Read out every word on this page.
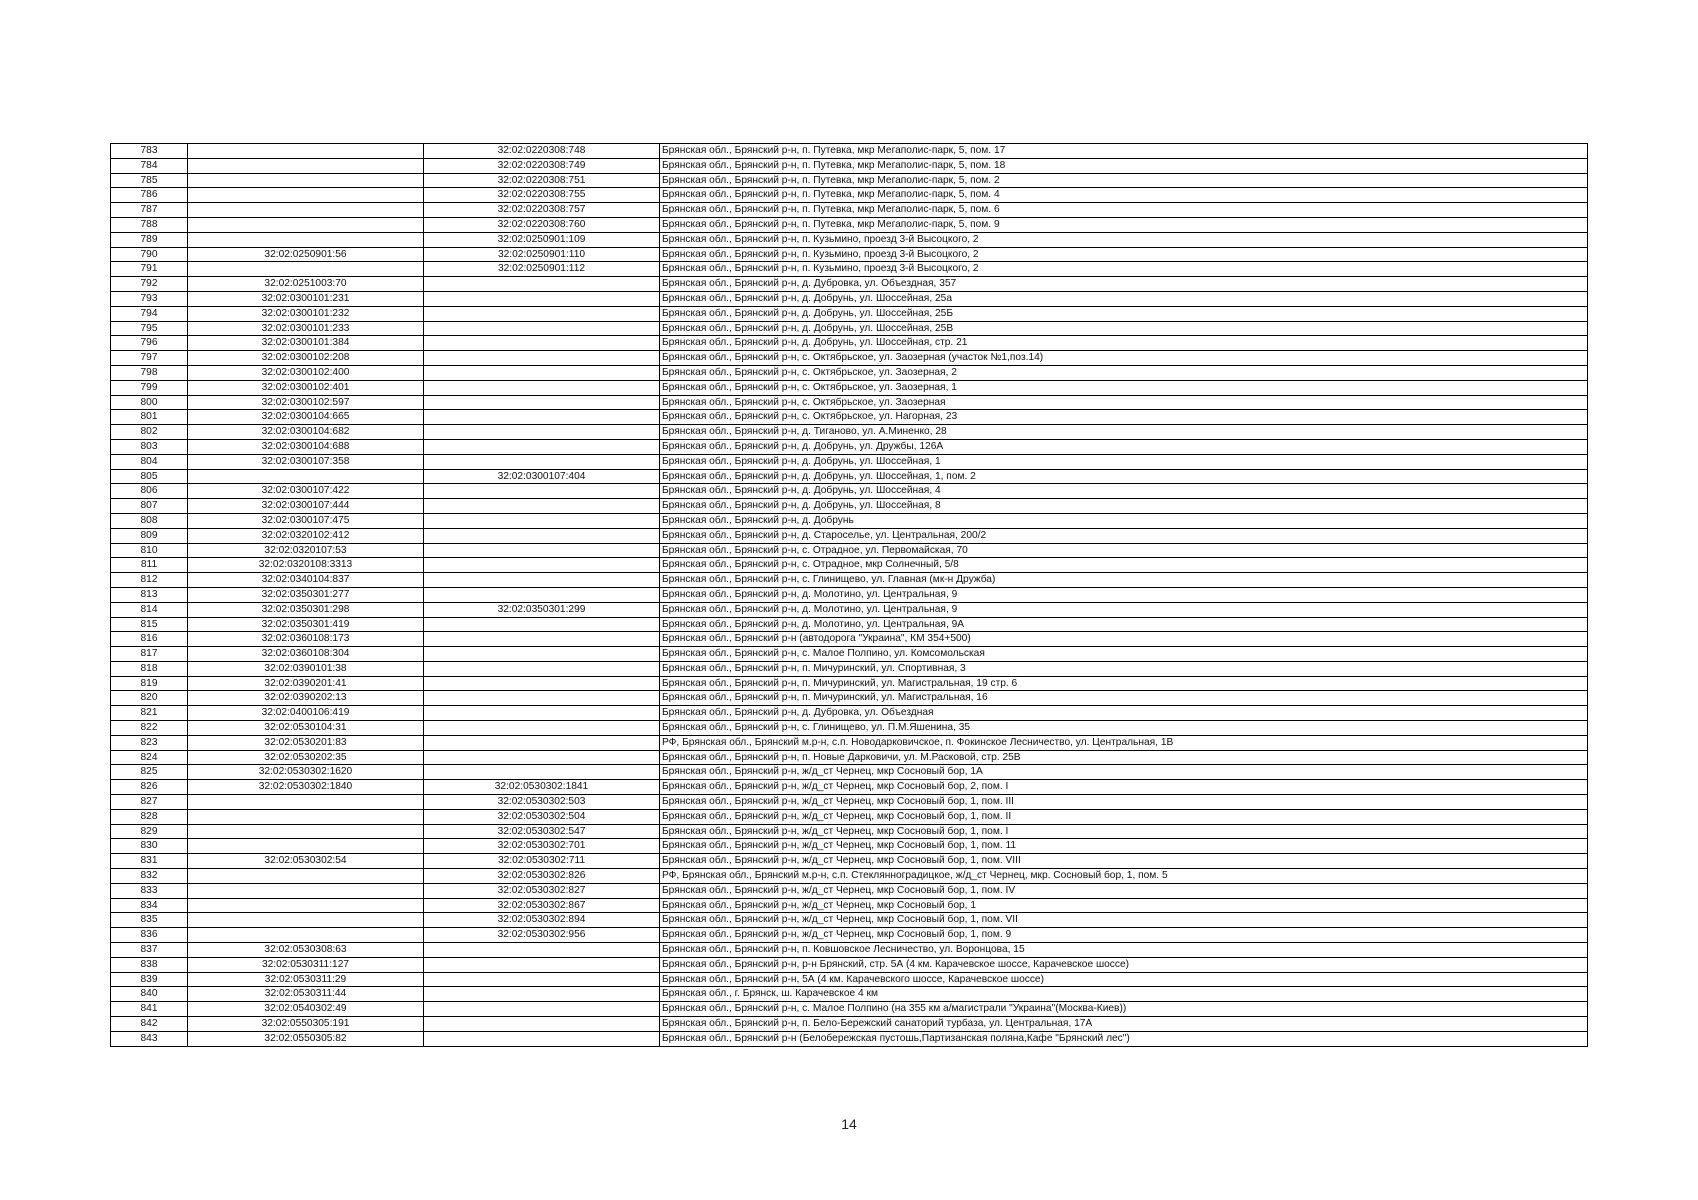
783		32:02:0220308:748	Брянская обл., Брянский р-н, п. Путевка, мкр Мегаполис-парк, 5, пом. 17
784		32:02:0220308:749	Брянская обл., Брянский р-н, п. Путевка, мкр Мегаполис-парк, 5, пом. 18
785		32:02:0220308:751	Брянская обл., Брянский р-н, п. Путевка, мкр Мегаполис-парк, 5, пом. 2
786		32:02:0220308:755	Брянская обл., Брянский р-н, п. Путевка, мкр Мегаполис-парк, 5, пом. 4
787		32:02:0220308:757	Брянская обл., Брянский р-н, п. Путевка, мкр Мегаполис-парк, 5, пом. 6
788		32:02:0220308:760	Брянская обл., Брянский р-н, п. Путевка, мкр Мегаполис-парк, 5, пом. 9
789		32:02:0250901:109	Брянская обл., Брянский р-н, п. Кузьмино, проезд 3-й Высоцкого, 2
790	32:02:0250901:56	32:02:0250901:110	Брянская обл., Брянский р-н, п. Кузьмино, проезд 3-й Высоцкого, 2
791		32:02:0250901:112	Брянская обл., Брянский р-н, п. Кузьмино, проезд 3-й Высоцкого, 2
792	32:02:0251003:70		Брянская обл., Брянский р-н, д. Дубровка, ул. Объездная, 357
793	32:02:0300101:231		Брянская обл., Брянский р-н, д. Добрунь, ул. Шоссейная, 25а
794	32:02:0300101:232		Брянская обл., Брянский р-н, д. Добрунь, ул. Шоссейная, 25Б
795	32:02:0300101:233		Брянская обл., Брянский р-н, д. Добрунь, ул. Шоссейная, 25В
796	32:02:0300101:384		Брянская обл., Брянский р-н, д. Добрунь, ул. Шоссейная, стр. 21
797	32:02:0300102:208		Брянская обл., Брянский р-н, с. Октябрьское, ул. Заозерная (участок №1,поз.14)
798	32:02:0300102:400		Брянская обл., Брянский р-н, с. Октябрьское, ул. Заозерная, 2
799	32:02:0300102:401		Брянская обл., Брянский р-н, с. Октябрьское, ул. Заозерная, 1
800	32:02:0300102:597		Брянская обл., Брянский р-н, с. Октябрьское, ул. Заозерная
801	32:02:0300104:665		Брянская обл., Брянский р-н, с. Октябрьское, ул. Нагорная, 23
802	32:02:0300104:682		Брянская обл., Брянский р-н, д. Тиганово, ул. А.Миненко, 28
803	32:02:0300104:688		Брянская обл., Брянский р-н, д. Добрунь, ул. Дружбы, 126А
804	32:02:0300107:358		Брянская обл., Брянский р-н, д. Добрунь, ул. Шоссейная, 1
805		32:02:0300107:404	Брянская обл., Брянский р-н, д. Добрунь, ул. Шоссейная, 1, пом. 2
806	32:02:0300107:422		Брянская обл., Брянский р-н, д. Добрунь, ул. Шоссейная, 4
807	32:02:0300107:444		Брянская обл., Брянский р-н, д. Добрунь, ул. Шоссейная, 8
808	32:02:0300107:475		Брянская обл., Брянский р-н, д. Добрунь
809	32:02:0320102:412		Брянская обл., Брянский р-н, д. Староселье, ул. Центральная, 200/2
810	32:02:0320107:53		Брянская обл., Брянский р-н, с. Отрадное, ул. Первомайская, 70
811	32:02:0320108:3313		Брянская обл., Брянский р-н, с. Отрадное, мкр Солнечный, 5/8
812	32:02:0340104:837		Брянская обл., Брянский р-н, с. Глинищево, ул. Главная (мк-н Дружба)
813	32:02:0350301:277		Брянская обл., Брянский р-н, д. Молотино, ул. Центральная, 9
814	32:02:0350301:298	32:02:0350301:299	Брянская обл., Брянский р-н, д. Молотино, ул. Центральная, 9
815	32:02:0350301:419		Брянская обл., Брянский р-н, д. Молотино, ул. Центральная, 9А
816	32:02:0360108:173		Брянская обл., Брянский р-н (автодорога "Украина", КМ 354+500)
817	32:02:0360108:304		Брянская обл., Брянский р-н, с. Малое Полпино, ул. Комсомольская
818	32:02:0390101:38		Брянская обл., Брянский р-н, п. Мичуринский, ул. Спортивная, 3
819	32:02:0390201:41		Брянская обл., Брянский р-н, п. Мичуринский, ул. Магистральная, 19 стр. 6
820	32:02:0390202:13		Брянская обл., Брянский р-н, п. Мичуринский, ул. Магистральная, 16
821	32:02:0400106:419		Брянская обл., Брянский р-н, д. Дубровка, ул. Объездная
822	32:02:0530104:31		Брянская обл., Брянский р-н, с. Глинищево, ул. П.М.Яшенина, 35
823	32:02:0530201:83		РФ, Брянская обл., Брянский м.р-н, с.п. Новодарковичское, п. Фокинское Лесничество, ул. Центральная, 1В
824	32:02:0530202:35		Брянская обл., Брянский р-н, п. Новые Дарковичи, ул. М.Расковой, стр. 25В
825	32:02:0530302:1620		Брянская обл., Брянский р-н, ж/д_ст Чернец, мкр Сосновый бор, 1А
826	32:02:0530302:1840	32:02:0530302:1841	Брянская обл., Брянский р-н, ж/д_ст Чернец, мкр Сосновый бор, 2, пом. I
827		32:02:0530302:503	Брянская обл., Брянский р-н, ж/д_ст Чернец, мкр Сосновый бор, 1, пом. III
828		32:02:0530302:504	Брянская обл., Брянский р-н, ж/д_ст Чернец, мкр Сосновый бор, 1, пом. II
829		32:02:0530302:547	Брянская обл., Брянский р-н, ж/д_ст Чернец, мкр Сосновый бор, 1, пом. I
830		32:02:0530302:701	Брянская обл., Брянский р-н, ж/д_ст Чернец, мкр Сосновый бор, 1, пом. 11
831	32:02:0530302:54	32:02:0530302:711	Брянская обл., Брянский р-н, ж/д_ст Чернец, мкр Сосновый бор, 1, пом. VIII
832		32:02:0530302:826	РФ, Брянская обл., Брянский м.р-н, с.п. Стеклянноградицкое, ж/д_ст Чернец, мкр. Сосновый бор, 1, пом. 5
833		32:02:0530302:827	Брянская обл., Брянский р-н, ж/д_ст Чернец, мкр Сосновый бор, 1, пом. IV
834		32:02:0530302:867	Брянская обл., Брянский р-н, ж/д_ст Чернец, мкр Сосновый бор, 1
835		32:02:0530302:894	Брянская обл., Брянский р-н, ж/д_ст Чернец, мкр Сосновый бор, 1, пом. VII
836		32:02:0530302:956	Брянская обл., Брянский р-н, ж/д_ст Чернец, мкр Сосновый бор, 1, пом. 9
837	32:02:0530308:63		Брянская обл., Брянский р-н, п. Ковшовское Лесничество, ул. Воронцова, 15
838	32:02:0530311:127		Брянская обл., Брянский р-н, р-н Брянский, стр. 5А (4 км. Карачевское шоссе, Карачевское шоссе)
839	32:02:0530311:29		Брянская обл., Брянский р-н, 5А (4 км. Карачевского шоссе, Карачевское шоссе)
840	32:02:0530311:44		Брянская обл., г. Брянск, ш. Карачевское 4 км
841	32:02:0540302:49		Брянская обл., Брянский р-н, с. Малое Полпино (на 355 км а/магистрали "Украина"(Москва-Киев))
842	32:02:0550305:191		Брянская обл., Брянский р-н, п. Бело-Бережский санаторий турбаза, ул. Центральная, 17А
843	32:02:0550305:82		Брянская обл., Брянский р-н (Белобережская пустошь,Партизанская поляна,Кафе "Брянский лес")
14
